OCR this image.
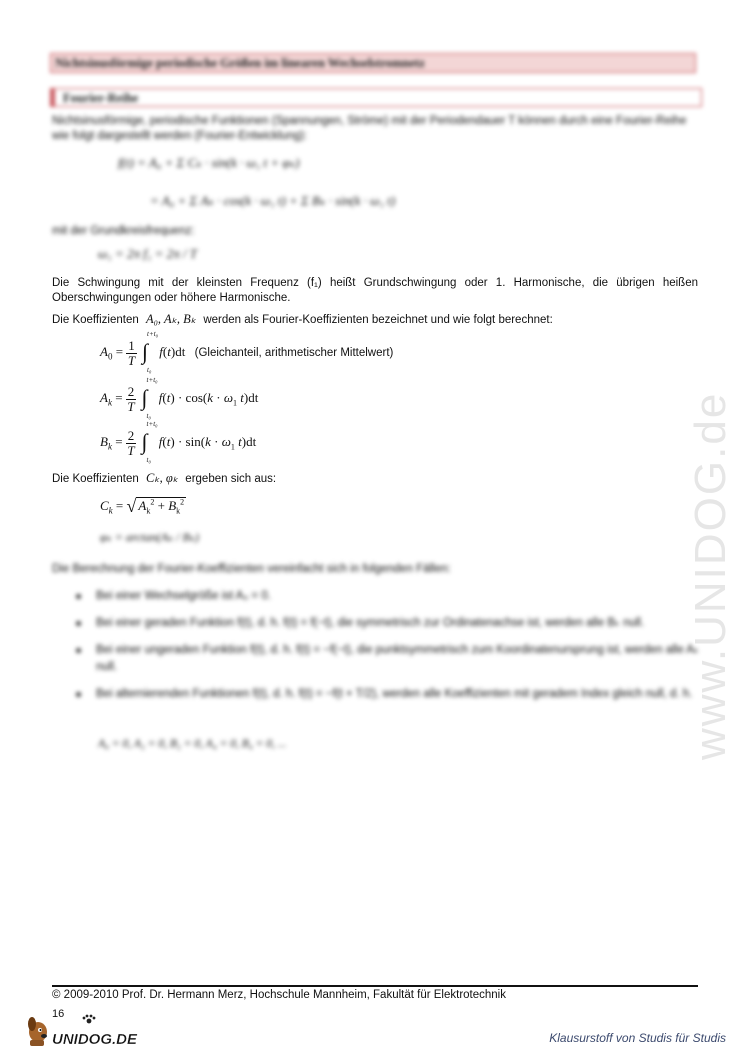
Nichtsinusförmige periodische Größen im linearen Wechselstromnetz
Fourier-Reihe
Nichtsinusförmige, periodische Funktionen (Spannungen, Ströme) mit der Periodendauer T können durch eine Fourier-Reihe wie folgt dargestellt werden (Fourier-Entwicklung):
f(t) = A₀ + Σ Cₖ · sin(k · ω₁ t + φₖ)
= A₀ + Σ Aₖ · cos(k · ω₁ t) + Σ Bₖ · sin(k · ω₁ t)
mit der Grundkreisfrequenz:
ω₁ = 2π f₁ = 2π / T
Die Schwingung mit der kleinsten Frequenz (f₁) heißt Grundschwingung oder 1. Harmonische, die übrigen heißen Oberschwingungen oder höhere Harmonische.
Die Koeffizienten A₀, Aₖ, Bₖ werden als Fourier-Koeffizienten bezeichnet und wie folgt berechnet:
$A_0 = \frac{1}{T}$

t+t₀
∫
t₀
f(t)dt (Gleichanteil, arithmetischer Mittelwert)
$A_k = \frac{2}{T}$

t+t₀
∫
t₀
$f(t) \cdot \cos(k \cdot \omega_1$ t)dt
$B_k = \frac{2}{T}$

t+t₀
∫
t₀
$f(t) \cdot \sin(k \cdot \omega_1$ t)dt
Die Koeffizienten Cₖ, φₖ ergeben sich aus:
$C_k$ = √ $A_k^2 + B_k^2$
φₖ = arctan(Aₖ / Bₖ)
Die Berechnung der Fourier-Koeffizienten vereinfacht sich in folgenden Fällen:
Bei einer Wechselgröße ist A₀ = 0.
Bei einer geraden Funktion f(t), d. h. f(t) = f(−t), die symmetrisch zur Ordinatenachse ist, werden alle Bₖ null.
Bei einer ungeraden Funktion f(t), d. h. f(t) = −f(−t), die punktsymmetrisch zum Koordinatenursprung ist, werden alle Aₖ null.
Bei alternierenden Funktionen f(t), d. h. f(t) = −f(t + T/2), werden alle Koeffizienten mit geradem Index gleich null, d. h.
A₀ = 0, A₂ = 0, B₂ = 0, A₄ = 0, B₄ = 0, ...	www.UNIDOG.de
© 2009-2010 Prof. Dr. Hermann Merz, Hochschule Mannheim, Fakultät für Elektrotechnik
16
UNIDOG.DE	Klausurstoff von Studis für Studis
